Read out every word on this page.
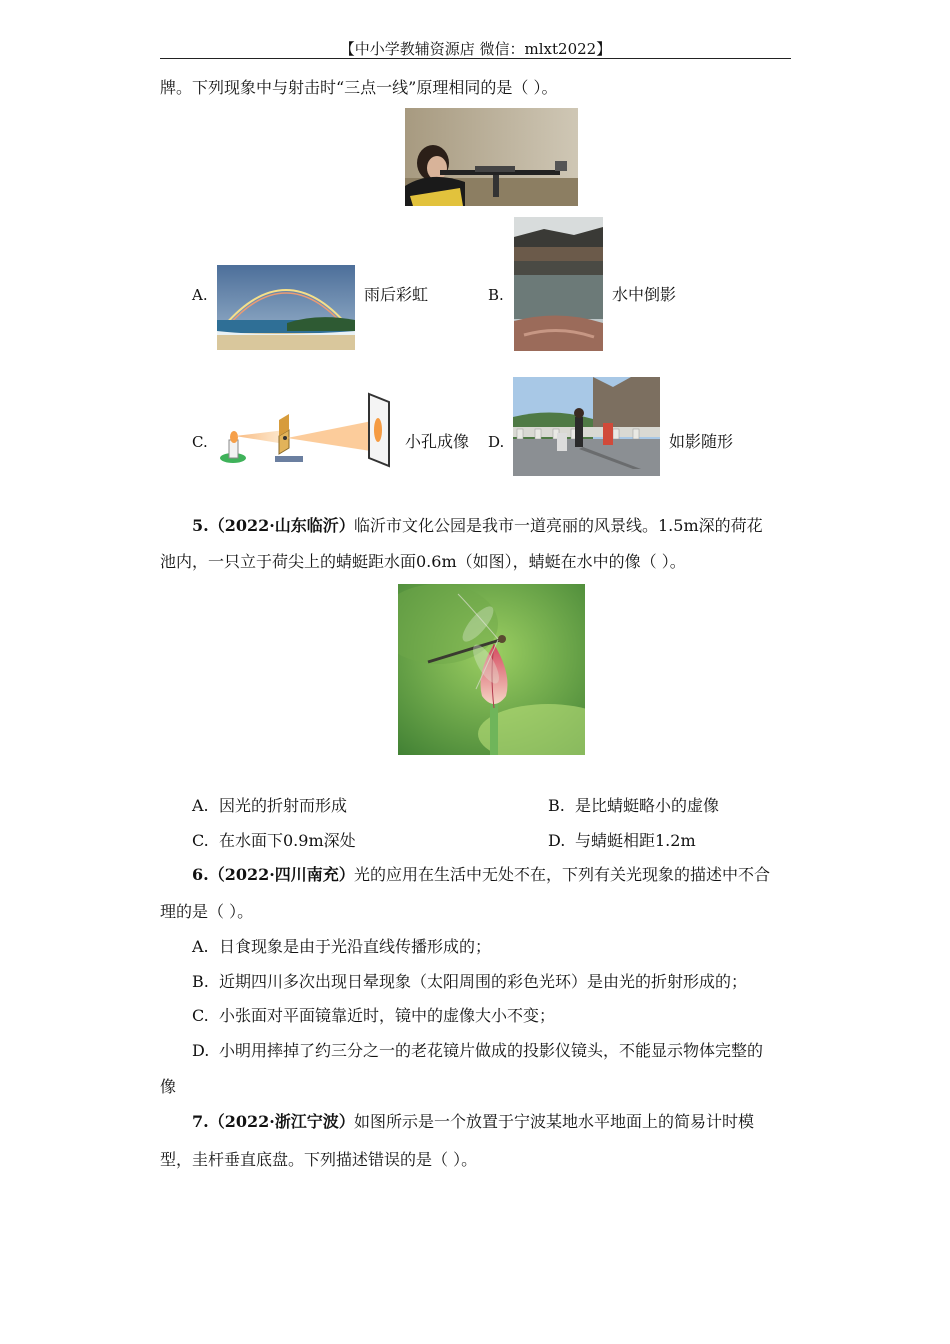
【中小学教辅资源店 微信：mlxt2022】
牌。下列现象中与射击时“三点一线”原理相同的是（ ）。
A.	雨后彩虹	B.	水中倒影
C.	小孔成像 D.	如影随形
5.（2022·山东临沂） 临沂市文化公园是我市一道亮丽的风景线。1.5m深的荷花
池内，一只立于荷尖上的蜻蜓距水面0.6m（如图），蜻蜓在水中的像（ ）。
A. 因光的折射而形成	B. 是比蜻蜓略小的虚像
C. 在水面下0.9m深处	D. 与蜻蜓相距1.2m
6.（2022·四川南充） 光的应用在生活中无处不在，下列有关光现象的描述中不合
理的是（ ）。
A. 日食现象是由于光沿直线传播形成的；
B. 近期四川多次出现日晕现象（太阳周围的彩色光环）是由光的折射形成的；
C. 小张面对平面镜靠近时，镜中的虚像大小不变；
D. 小明用摔掉了约三分之一的老花镜片做成的投影仪镜头，不能显示物体完整的
像
7.（2022·浙江宁波） 如图所示是一个放置于宁波某地水平地面上的简易计时模
型，圭杆垂直底盘。下列描述错误的是（ ）。
